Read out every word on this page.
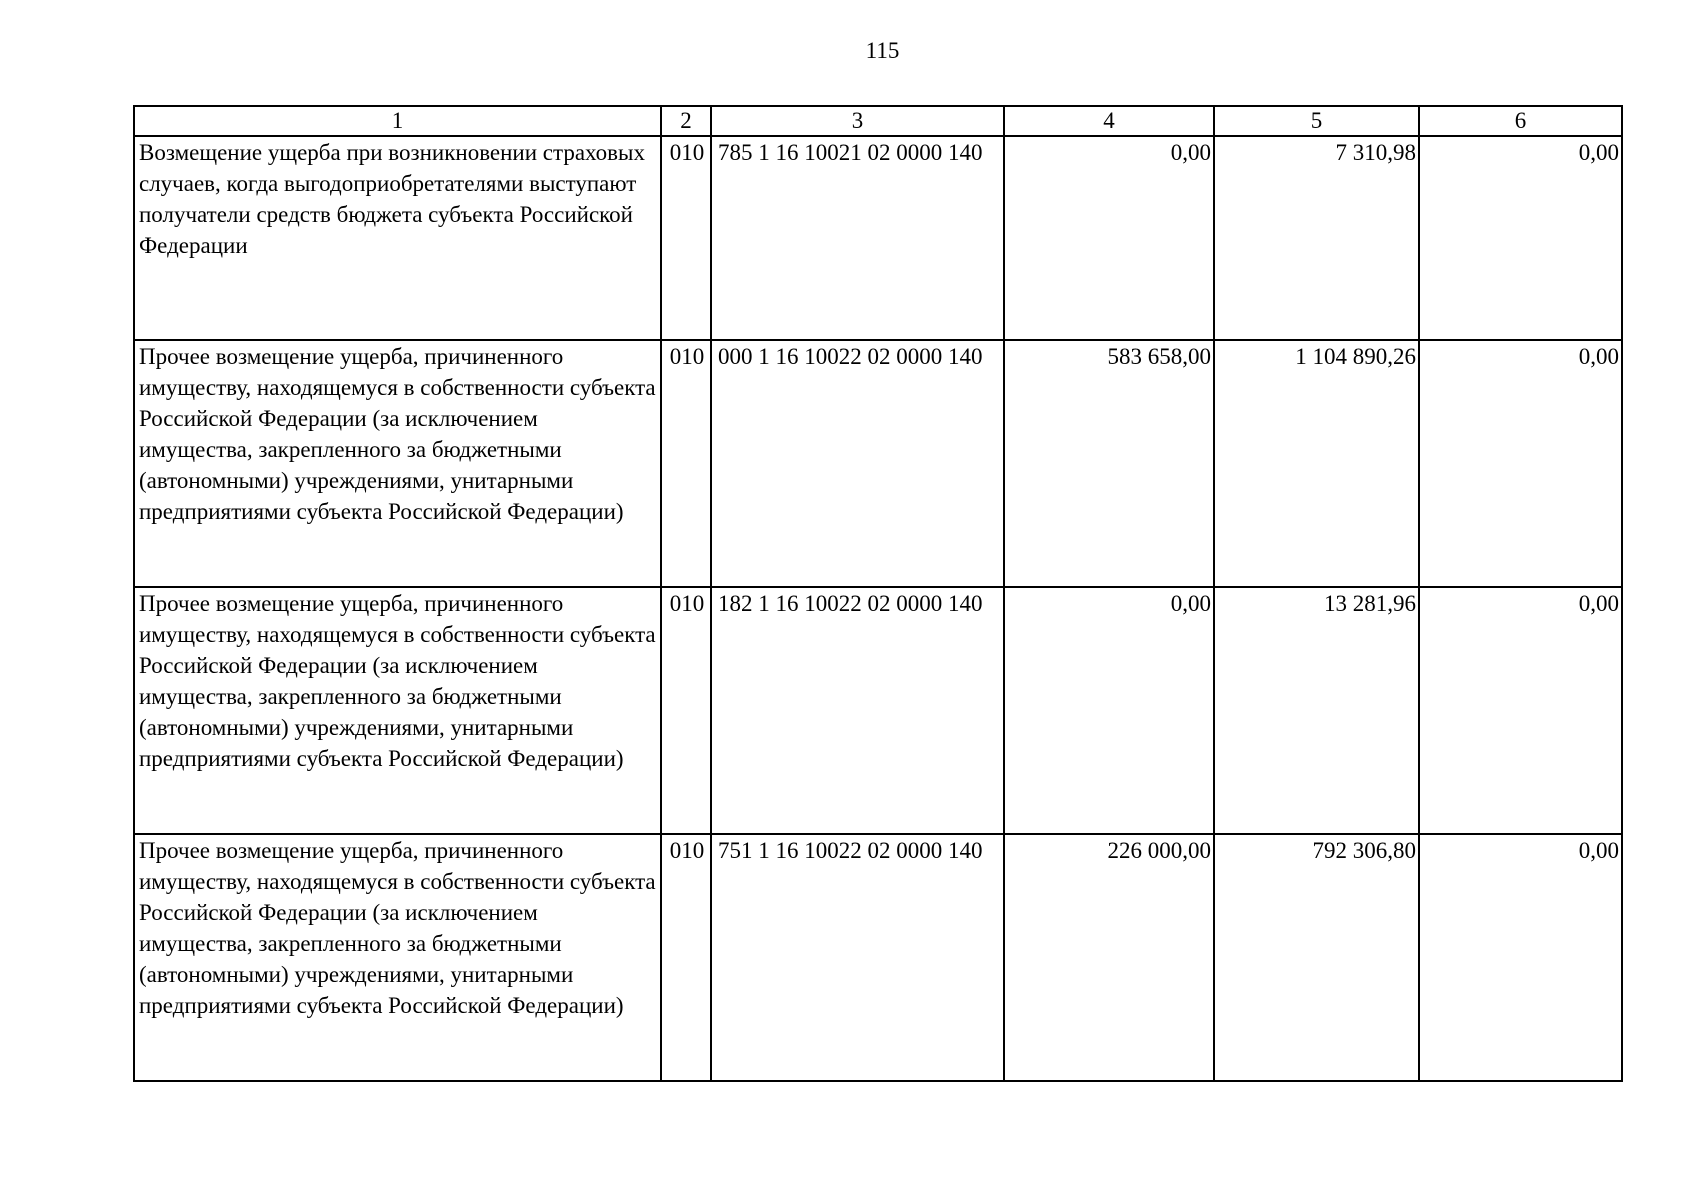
115
1	2	3	4	5	6
Возмещение ущерба при возникновении страховых случаев, когда выгодоприобретателями выступают получатели средств бюджета субъекта Российской Федерации	010	785 1 16 10021 02 0000 140	0,00	7 310,98	0,00
Прочее возмещение ущерба, причиненного имуществу, находящемуся в собственности субъекта Российской Федерации (за исключением имущества, закрепленного за бюджетными (автономными) учреждениями, унитарными предприятиями субъекта Российской Федерации)	010	000 1 16 10022 02 0000 140	583 658,00	1 104 890,26	0,00
Прочее возмещение ущерба, причиненного имуществу, находящемуся в собственности субъекта Российской Федерации (за исключением имущества, закрепленного за бюджетными (автономными) учреждениями, унитарными предприятиями субъекта Российской Федерации)	010	182 1 16 10022 02 0000 140	0,00	13 281,96	0,00
Прочее возмещение ущерба, причиненного имуществу, находящемуся в собственности субъекта Российской Федерации (за исключением имущества, закрепленного за бюджетными (автономными) учреждениями, унитарными предприятиями субъекта Российской Федерации)	010	751 1 16 10022 02 0000 140	226 000,00	792 306,80	0,00
